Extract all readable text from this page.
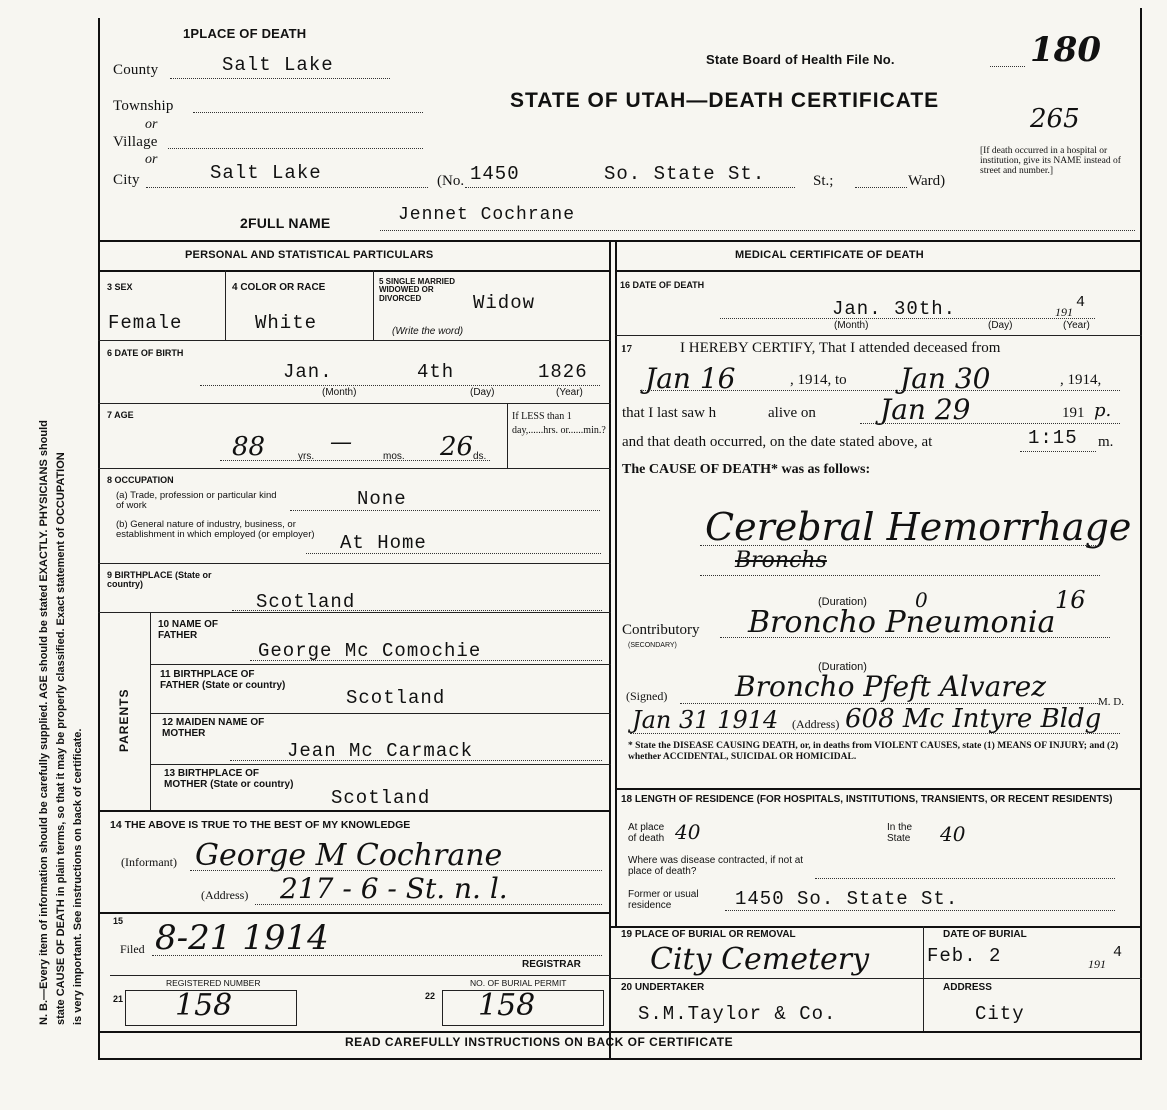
N. B.—Every item of information should be carefully supplied. AGE should be stated EXACTLY. PHYSICIANS should state CAUSE OF DEATH in plain terms, so that it may be properly classified. Exact statement of OCCUPATION is very important. See instructions on back of certificate.
1PLACE OF DEATH
County	Salt Lake
Township
or
Village
or
City	Salt Lake	(No. 1450	So. State St.	St.;	Ward)
State Board of Health File No.	180
STATE OF UTAH—DEATH CERTIFICATE
265
[If death occurred in a hospital or institution, give its NAME instead of street and number.]
2FULL NAME	Jennet Cochrane
PERSONAL AND STATISTICAL PARTICULARS	MEDICAL CERTIFICATE OF DEATH
3 SEX
Female
4 COLOR OR RACE
White
5 SINGLE MARRIED WIDOWED OR DIVORCED
(Write the word)
Widow
6 DATE OF BIRTH
Jan.	4th	1826
(Month)	(Day)	(Year)
7 AGE
88	yrs.
—
mos. 26 ds.
If LESS than 1 day,......hrs. or......min.?
8 OCCUPATION
(a) Trade, profession or particular kind of work	None
(b) General nature of industry, business, or establishment in which employed (or employer) At Home
9 BIRTHPLACE (State or country)
Scotland
PARENTS
10 NAME OF FATHER
George Mc Comochie
11 BIRTHPLACE OF FATHER (State or country)
Scotland
12 MAIDEN NAME OF MOTHER
Jean Mc Carmack
13 BIRTHPLACE OF MOTHER (State or country)
Scotland
14 THE ABOVE IS TRUE TO THE BEST OF MY KNOWLEDGE
(Informant) George M Cochrane
(Address) 217 - 6 - St. n. l.
15
Filed 8-21 1914
REGISTRAR
21
REGISTERED NUMBER
158	22
NO. OF BURIAL PERMIT
158
16 DATE OF DEATH
Jan. 30th.	191
4
(Month)	(Day)	(Year)
17	I HEREBY CERTIFY, That I attended deceased from
Jan 16	, 1914, to Jan 30	, 1914,
that I last saw h	alive on Jan 29	191 p.
and that death occurred, on the date stated above, at	1:15 m.
The CAUSE OF DEATH* was as follows:
Cerebral Hemorrhage
Bronchs
(Duration) 0	16
Contributory
(SECONDARY)
Broncho Pneumonia
(Duration)
(Signed) Broncho Pfeft Alvarez	M. D.
Jan 31 1914 (Address) 608 Mc Intyre Bldg
* State the DISEASE CAUSING DEATH, or, in deaths from VIOLENT CAUSES, state (1) MEANS OF INJURY; and (2) whether ACCIDENTAL, SUICIDAL OR HOMICIDAL.
18 LENGTH OF RESIDENCE (FOR HOSPITALS, INSTITUTIONS, TRANSIENTS, OR RECENT RESIDENTS)
At place of death 40	In the State	40
Where was disease contracted, if not at place of death?
Former or usual residence	1450 So. State St.
19 PLACE OF BURIAL OR REMOVAL
City Cemetery
DATE OF BURIAL
Feb. 2	191
4
20 UNDERTAKER
S.M.Taylor & Co.
ADDRESS
City
READ CAREFULLY INSTRUCTIONS ON BACK OF CERTIFICATE
